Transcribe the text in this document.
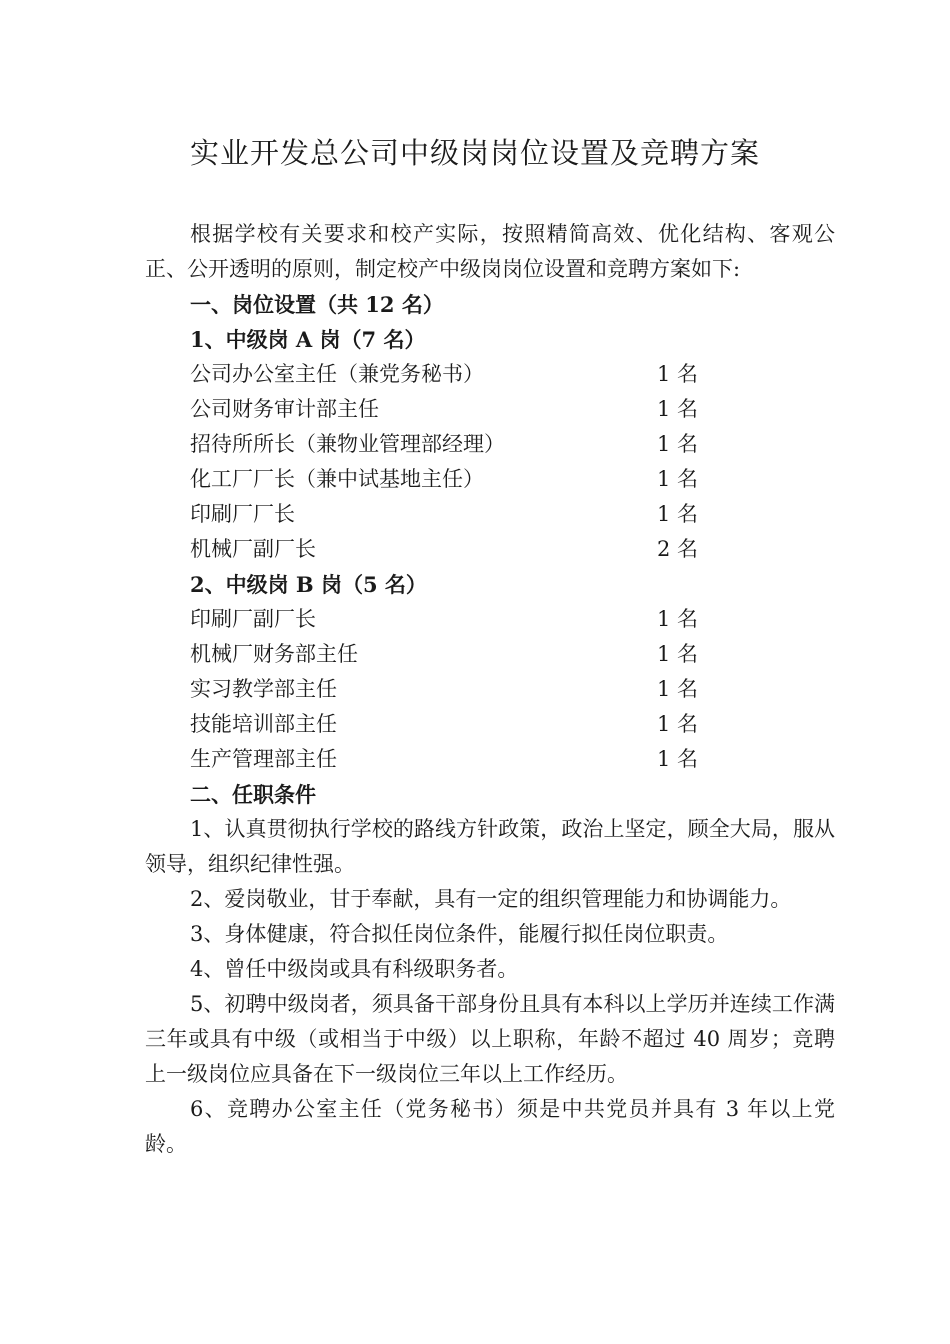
实业开发总公司中级岗岗位设置及竞聘方案

根据学校有关要求和校产实际，按照精简高效、优化结构、客观公正、公开透明的原则，制定校产中级岗岗位设置和竞聘方案如下:

一、岗位设置（共 12 名）

1、中级岗 A 岗（7 名）

公司办公室主任（兼党务秘书）	1 名
公司财务审计部主任	1 名
招待所所长（兼物业管理部经理）	1 名
化工厂厂长（兼中试基地主任）	1 名
印刷厂厂长	1 名
机械厂副厂长	2 名

2、中级岗 B 岗（5 名）

印刷厂副厂长	1 名
机械厂财务部主任	1 名
实习教学部主任	1 名
技能培训部主任	1 名
生产管理部主任	1 名

二、任职条件

1、认真贯彻执行学校的路线方针政策，政治上坚定，顾全大局，服从领导，组织纪律性强。

2、爱岗敬业，甘于奉献，具有一定的组织管理能力和协调能力。

3、身体健康，符合拟任岗位条件，能履行拟任岗位职责。

4、曾任中级岗或具有科级职务者。

5、初聘中级岗者，须具备干部身份且具有本科以上学历并连续工作满三年或具有中级（或相当于中级）以上职称，年龄不超过 40 周岁；竞聘上一级岗位应具备在下一级岗位三年以上工作经历。

6、竞聘办公室主任（党务秘书）须是中共党员并具有 3 年以上党龄。
